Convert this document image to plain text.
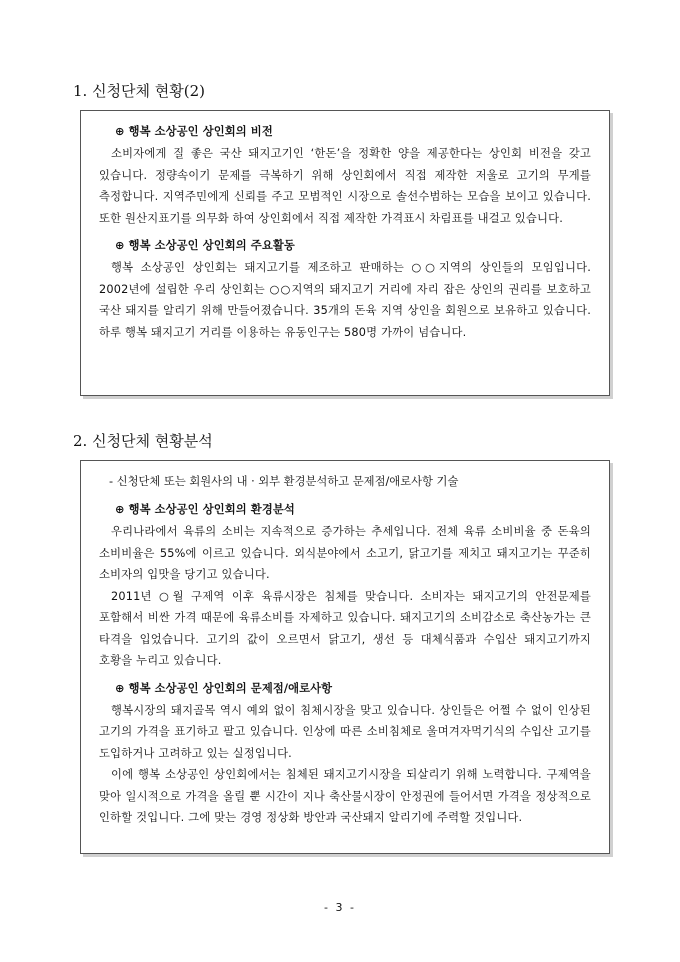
1. 신청단체 현황(2)
⊕ 행복 소상공인 상인회의 비전

소비자에게 질 좋은 국산 돼지고기인 ‘한돈’을 정확한 양을 제공한다는 상인회 비전을 갖고 있습니다. 정량속이기 문제를 극복하기 위해 상인회에서 직접 제작한 저울로 고기의 무게를 측정합니다. 지역주민에게 신뢰를 주고 모범적인 시장으로 솔선수범하는 모습을 보이고 있습니다. 또한 원산지표기를 의무화 하여 상인회에서 직접 제작한 가격표시 차림표를 내걸고 있습니다.

⊕ 행복 소상공인 상인회의 주요활동

행복 소상공인 상인회는 돼지고기를 제조하고 판매하는 ○○지역의 상인들의 모임입니다. 2002년에 설립한 우리 상인회는 ○○지역의 돼지고기 거리에 자리 잡은 상인의 권리를 보호하고 국산 돼지를 알리기 위해 만들어졌습니다. 35개의 돈육 지역 상인을 회원으로 보유하고 있습니다. 하루 행복 돼지고기 거리를 이용하는 유동인구는 580명 가까이 넘습니다.

2. 신청단체 현황분석

- 신청단체 또는 회원사의 내 · 외부 환경분석하고 문제점/애로사항 기술

⊕ 행복 소상공인 상인회의 환경분석

우리나라에서 육류의 소비는 지속적으로 증가하는 추세입니다. 전체 육류 소비비율 중 돈육의 소비비율은 55%에 이르고 있습니다. 외식분야에서 소고기, 닭고기를 제치고 돼지고기는 꾸준히 소비자의 입맛을 당기고 있습니다.

2011년 ○월 구제역 이후 육류시장은 침체를 맞습니다. 소비자는 돼지고기의 안전문제를 포함해서 비싼 가격 때문에 육류소비를 자제하고 있습니다. 돼지고기의 소비감소로 축산농가는 큰 타격을 입었습니다. 고기의 값이 오르면서 닭고기, 생선 등 대체식품과 수입산 돼지고기까지 호황을 누리고 있습니다.

⊕ 행복 소상공인 상인회의 문제점/애로사항

행복시장의 돼지골목 역시 예외 없이 침체시장을 맞고 있습니다. 상인들은 어쩔 수 없이 인상된 고기의 가격을 표기하고 팔고 있습니다. 인상에 따른 소비침체로 울며겨자먹기식의 수입산 고기를 도입하거나 고려하고 있는 실정입니다.

이에 행복 소상공인 상인회에서는 침체된 돼지고기시장을 되살리기 위해 노력합니다. 구제역을 맞아 일시적으로 가격을 올릴 뿐 시간이 지나 축산물시장이 안정권에 들어서면 가격을 정상적으로 인하할 것입니다. 그에 맞는 경영 정상화 방안과 국산돼지 알리기에 주력할 것입니다.

- 3 -
